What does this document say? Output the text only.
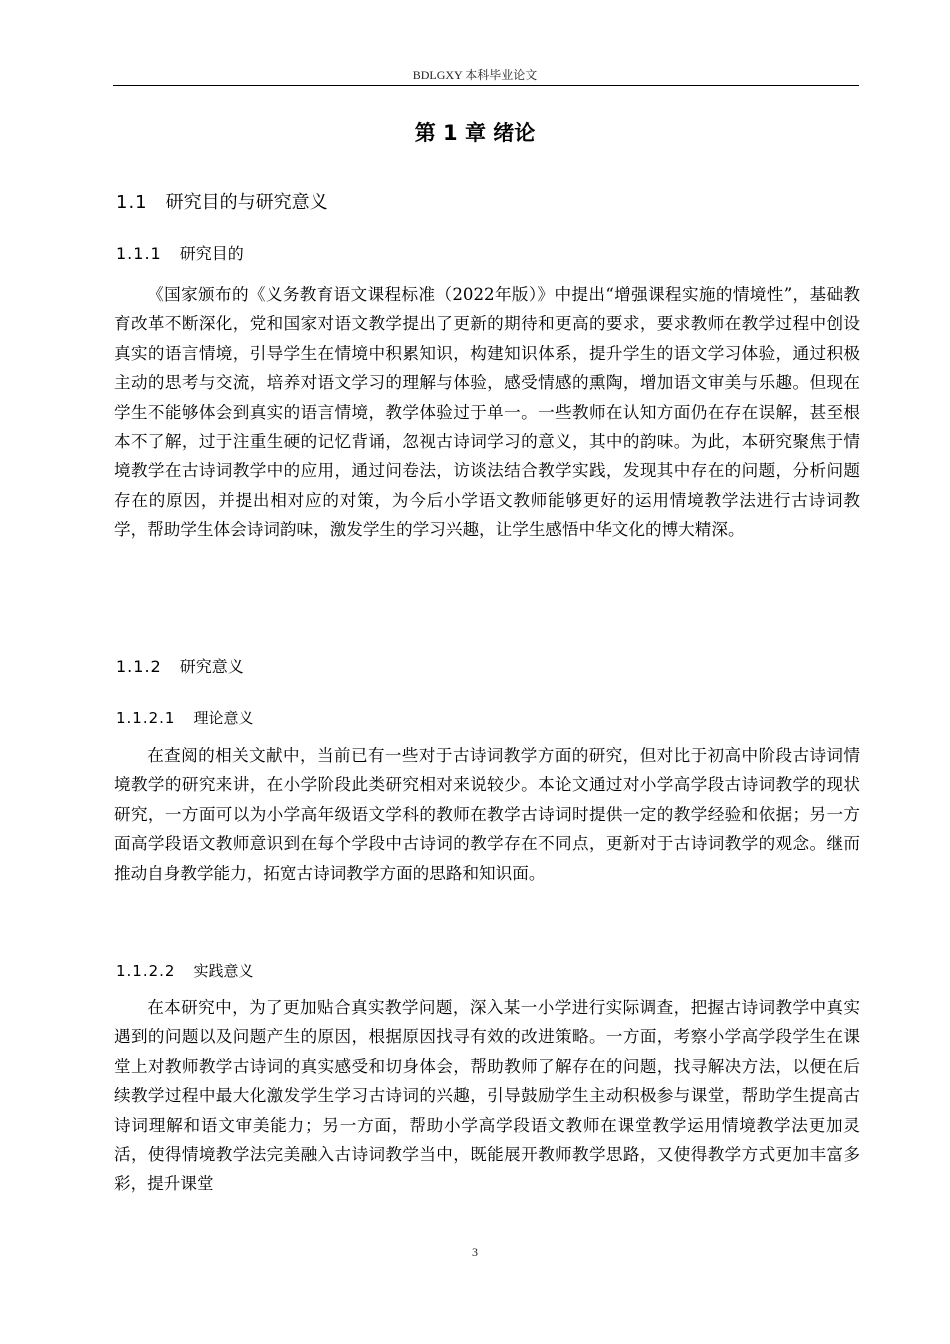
BDLGXY 本科毕业论文
第 1 章 绪论
1.1 研究目的与研究意义
1.1.1 研究目的

《国家颁布的《义务教育语文课程标准（2022年版）》中提出“增强课程实施的情境性”，基础教育改革不断深化，党和国家对语文教学提出了更新的期待和更高的要求，要求教师在教学过程中创设真实的语言情境，引导学生在情境中积累知识，构建知识体系，提升学生的语文学习体验，通过积极主动的思考与交流，培养对语文学习的理解与体验，感受情感的熏陶，增加语文审美与乐趣。但现在学生不能够体会到真实的语言情境，教学体验过于单一。一些教师在认知方面仍在存在误解，甚至根本不了解，过于注重生硬的记忆背诵，忽视古诗词学习的意义，其中的韵味。为此，本研究聚焦于情境教学在古诗词教学中的应用，通过问卷法，访谈法结合教学实践，发现其中存在的问题，分析问题存在的原因，并提出相对应的对策，为今后小学语文教师能够更好的运用情境教学法进行古诗词教学，帮助学生体会诗词韵味，激发学生的学习兴趣，让学生感悟中华文化的博大精深。

1.1.2 研究意义
1.1.2.1 理论意义

在查阅的相关文献中，当前已有一些对于古诗词教学方面的研究，但对比于初高中阶段古诗词情境教学的研究来讲，在小学阶段此类研究相对来说较少。本论文通过对小学高学段古诗词教学的现状研究，一方面可以为小学高年级语文学科的教师在教学古诗词时提供一定的教学经验和依据；另一方面高学段语文教师意识到在每个学段中古诗词的教学存在不同点，更新对于古诗词教学的观念。继而推动自身教学能力，拓宽古诗词教学方面的思路和知识面。

1.1.2.2 实践意义

在本研究中，为了更加贴合真实教学问题，深入某一小学进行实际调查，把握古诗词教学中真实遇到的问题以及问题产生的原因，根据原因找寻有效的改进策略。一方面，考察小学高学段学生在课堂上对教师教学古诗词的真实感受和切身体会，帮助教师了解存在的问题，找寻解决方法，以便在后续教学过程中最大化激发学生学习古诗词的兴趣，引导鼓励学生主动积极参与课堂，帮助学生提高古诗词理解和语文审美能力；另一方面，帮助小学高学段语文教师在课堂教学运用情境教学法更加灵活，使得情境教学法完美融入古诗词教学当中，既能展开教师教学思路，又使得教学方式更加丰富多彩，提升课堂

3
